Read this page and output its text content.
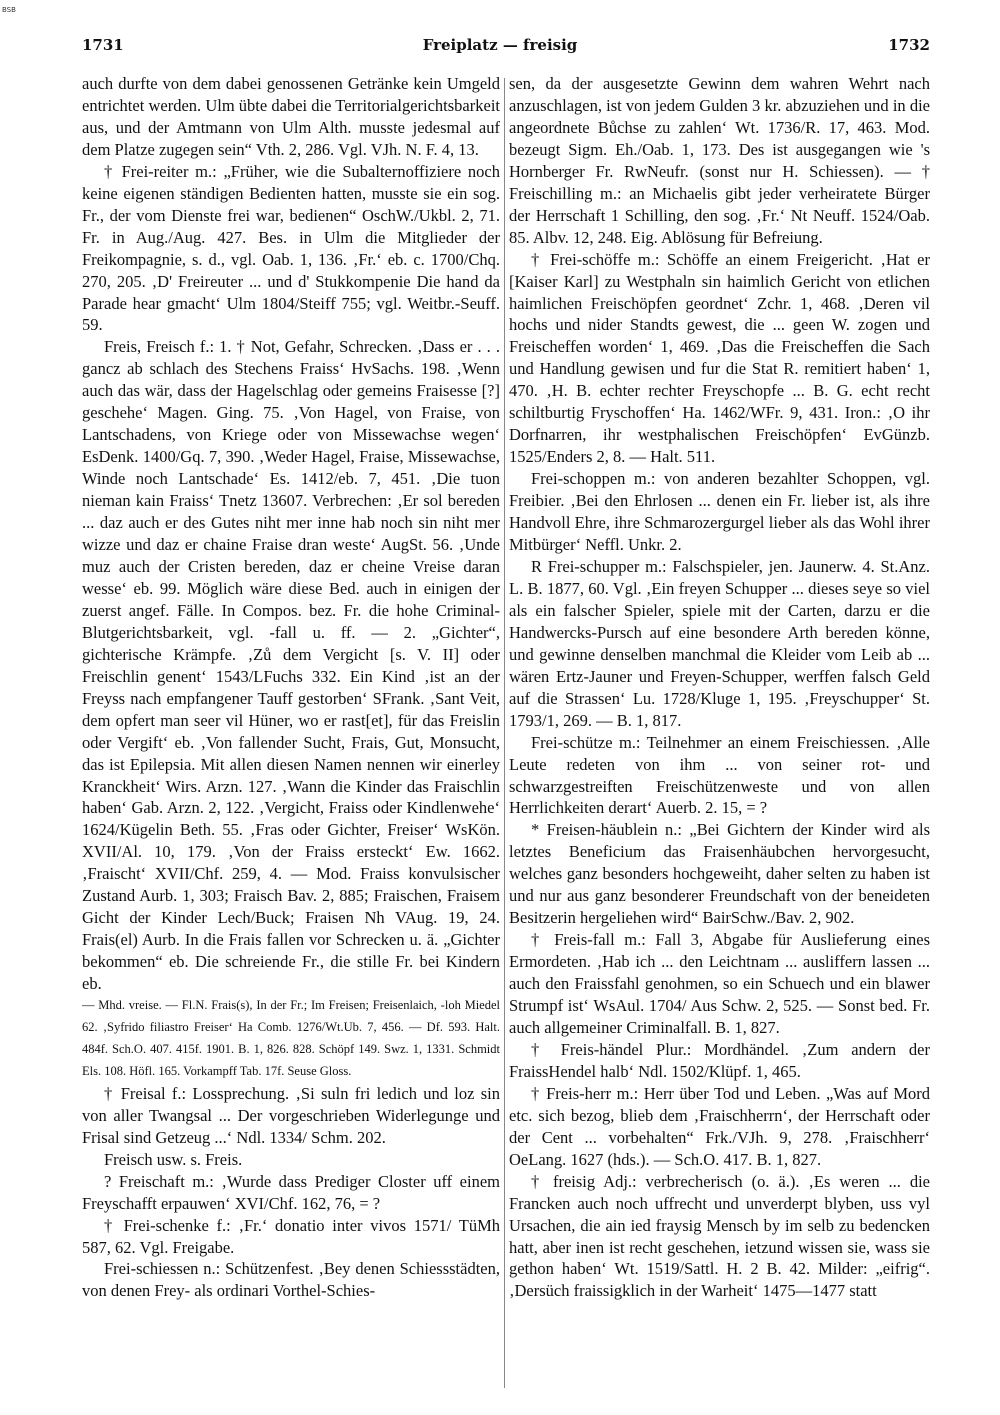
BSB
1731	Freiplatz — freisig	1732

auch durfte von dem dabei genossenen Getränke kein Umgeld entrichtet werden. Ulm übte dabei die Territorialgerichtsbarkeit aus, und der Amtmann von Ulm Alth. musste jedesmal auf dem Platze zugegen sein“ Vth. 2, 286. Vgl. VJh. N. F. 4, 13.

† Frei-reiter m.: „Früher, wie die Subalternoffiziere noch keine eigenen ständigen Bedienten hatten, musste sie ein sog. Fr., der vom Dienste frei war, bedienen“ OschW./Ukbl. 2, 71. Fr. in Aug./Aug. 427. Bes. in Ulm die Mitglieder der Freikompagnie, s. d., vgl. Oab. 1, 136. ‚Fr.‘ eb. c. 1700/Chq. 270, 205. ‚D' Freireuter ... und d' Stukkompenie Die hand da Parade hear gmacht‘ Ulm 1804/Steiff 755; vgl. Weitbr.-Seuff. 59.

Freis, Freisch f.: 1. † Not, Gefahr, Schrecken. ‚Dass er . . . gancz ab schlach des Stechens Fraiss‘ HvSachs. 198. ‚Wenn auch das wär, dass der Hagelschlag oder gemeins Fraisesse [?] geschehe‘ Magen. Ging. 75. ‚Von Hagel, von Fraise, von Lantschadens, von Kriege oder von Missewachse wegen‘ EsDenk. 1400/Gq. 7, 390. ‚Weder Hagel, Fraise, Missewachse, Winde noch Lantschade‘ Es. 1412/eb. 7, 451. ‚Die tuon nieman kain Fraiss‘ Tnetz 13607. Verbrechen: ‚Er sol bereden ... daz auch er des Gutes niht mer inne hab noch sin niht mer wizze und daz er chaine Fraise dran weste‘ AugSt. 56. ‚Unde muz auch der Cristen bereden, daz er cheine Vreise daran wesse‘ eb. 99. Möglich wäre diese Bed. auch in einigen der zuerst angef. Fälle. In Compos. bez. Fr. die hohe Criminal-Blutgerichtsbarkeit, vgl. -fall u. ff. — 2. „Gichter“, gichterische Krämpfe. ‚Zů dem Vergicht [s. V. II] oder Freischlin genent‘ 1543/LFuchs 332. Ein Kind ‚ist an der Freyss nach empfangener Tauff gestorben‘ SFrank. ‚Sant Veit, dem opfert man seer vil Hüner, wo er rast[et], für das Freislin oder Vergift‘ eb. ‚Von fallender Sucht, Frais, Gut, Monsucht, das ist Epilepsia. Mit allen diesen Namen nennen wir einerley Kranckheit‘ Wirs. Arzn. 127. ‚Wann die Kinder das Fraischlin haben‘ Gab. Arzn. 2, 122. ‚Vergicht, Fraiss oder Kindlenwehe‘ 1624/Kügelin Beth. 55. ‚Fras oder Gichter, Freiser‘ WsKön. XVII/Al. 10, 179. ‚Von der Fraiss ersteckt‘ Ew. 1662. ‚Fraischt‘ XVII/Chf. 259, 4. — Mod. Fraiss konvulsischer Zustand Aurb. 1, 303; Fraisch Bav. 2, 885; Fraischen, Fraisem Gicht der Kinder Lech/Buck; Fraisen Nh VAug. 19, 24. Frais(el) Aurb. In die Frais fallen vor Schrecken u. ä. „Gichter bekommen“ eb. Die schreiende Fr., die stille Fr. bei Kindern eb.

— Mhd. vreise. — Fl.N. Frais(s), In der Fr.; Im Freisen; Freisenlaich, -loh Miedel 62. ‚Syfrido filiastro Freiser‘ Ha Comb. 1276/Wt.Ub. 7, 456. — Df. 593. Halt. 484f. Sch.O. 407. 415f. 1901. B. 1, 826. 828. Schöpf 149. Swz. 1, 1331. Schmidt Els. 108. Höfl. 165. Vorkampff Tab. 17f. Seuse Gloss.

† Freisal f.: Lossprechung. ‚Si suln fri ledich und loz sin von aller Twangsal ... Der vorgeschrieben Widerlegunge und Frisal sind Getzeug ...‘ Ndl. 1334/ Schm. 202.

Freisch usw. s. Freis.

? Freischaft m.: ‚Wurde dass Prediger Closter uff einem Freyschafft erpauwen‘ XVI/Chf. 162, 76, = ?

† Frei-schenke f.: ‚Fr.‘ donatio inter vivos 1571/ TüMh 587, 62. Vgl. Freigabe.

Frei-schiessen n.: Schützenfest. ‚Bey denen Schiessstädten, von denen Frey- als ordinari Vorthel-Schies-

sen, da der ausgesetzte Gewinn dem wahren Wehrt nach anzuschlagen, ist von jedem Gulden 3 kr. abzuziehen und in die angeordnete Bůchse zu zahlen‘ Wt. 1736/R. 17, 463. Mod. bezeugt Sigm. Eh./Oab. 1, 173. Des ist ausgegangen wie 's Hornberger Fr. RwNeufr. (sonst nur H. Schiessen). — † Freischilling m.: an Michaelis gibt jeder verheiratete Bürger der Herrschaft 1 Schilling, den sog. ‚Fr.‘ Nt Neuff. 1524/Oab. 85. Albv. 12, 248. Eig. Ablösung für Befreiung.

† Frei-schöffe m.: Schöffe an einem Freigericht. ‚Hat er [Kaiser Karl] zu Westphaln sin haimlich Gericht von etlichen haimlichen Freischöpfen geordnet‘ Zchr. 1, 468. ‚Deren vil hochs und nider Standts gewest, die ... geen W. zogen und Freischeffen worden‘ 1, 469. ‚Das die Freischeffen die Sach und Handlung gewisen und fur die Stat R. remitiert haben‘ 1, 470. ‚H. B. echter rechter Freyschopfe ... B. G. echt recht schiltburtig Fryschoffen‘ Ha. 1462/WFr. 9, 431. Iron.: ‚O ihr Dorfnarren, ihr westphalischen Freischöpfen‘ EvGünzb. 1525/Enders 2, 8. — Halt. 511.

Frei-schoppen m.: von anderen bezahlter Schoppen, vgl. Freibier. ‚Bei den Ehrlosen ... denen ein Fr. lieber ist, als ihre Handvoll Ehre, ihre Schmarozergurgel lieber als das Wohl ihrer Mitbürger‘ Neffl. Unkr. 2.

R Frei-schupper m.: Falschspieler, jen. Jaunerw. 4. St.Anz. L. B. 1877, 60. Vgl. ‚Ein freyen Schupper ... dieses seye so viel als ein falscher Spieler, spiele mit der Carten, darzu er die Handwercks-Pursch auf eine besondere Arth bereden könne, und gewinne denselben manchmal die Kleider vom Leib ab ... wären Ertz-Jauner und Freyen-Schupper, werffen falsch Geld auf die Strassen‘ Lu. 1728/Kluge 1, 195. ‚Freyschupper‘ St. 1793/1, 269. — B. 1, 817.

Frei-schütze m.: Teilnehmer an einem Freischiessen. ‚Alle Leute redeten von ihm ... von seiner rot- und schwarzgestreiften Freischützenweste und von allen Herrlichkeiten derart‘ Auerb. 2. 15, = ?

* Freisen-häublein n.: „Bei Gichtern der Kinder wird als letztes Beneficium das Fraisenhäubchen hervorgesucht, welches ganz besonders hochgeweiht, daher selten zu haben ist und nur aus ganz besonderer Freundschaft von der beneideten Besitzerin hergeliehen wird“ BairSchw./Bav. 2, 902.

† Freis-fall m.: Fall 3, Abgabe für Auslieferung eines Ermordeten. ‚Hab ich ... den Leichtnam ... ausliffern lassen ... auch den Fraissfahl genohmen, so ein Schuech und ein blawer Strumpf ist‘ WsAul. 1704/ Aus Schw. 2, 525. — Sonst bed. Fr. auch allgemeiner Criminalfall. B. 1, 827.

† Freis-händel Plur.: Mordhändel. ‚Zum andern der FraissHendel halb‘ Ndl. 1502/Klüpf. 1, 465.

† Freis-herr m.: Herr über Tod und Leben. „Was auf Mord etc. sich bezog, blieb dem ‚Fraischherrn‘, der Herrschaft oder der Cent ... vorbehalten“ Frk./VJh. 9, 278. ‚Fraischherr‘ OeLang. 1627 (hds.). — Sch.O. 417. B. 1, 827.

† freisig Adj.: verbrecherisch (o. ä.). ‚Es weren ... die Francken auch noch uffrecht und unverderpt blyben, uss vyl Ursachen, die ain ied fraysig Mensch by im selb zu bedencken hatt, aber inen ist recht geschehen, ietzund wissen sie, wass sie gethon haben‘ Wt. 1519/Sattl. H. 2 B. 42. Milder: „eifrig“. ‚Dersüch fraissigklich in der Warheit‘ 1475—1477 statt
